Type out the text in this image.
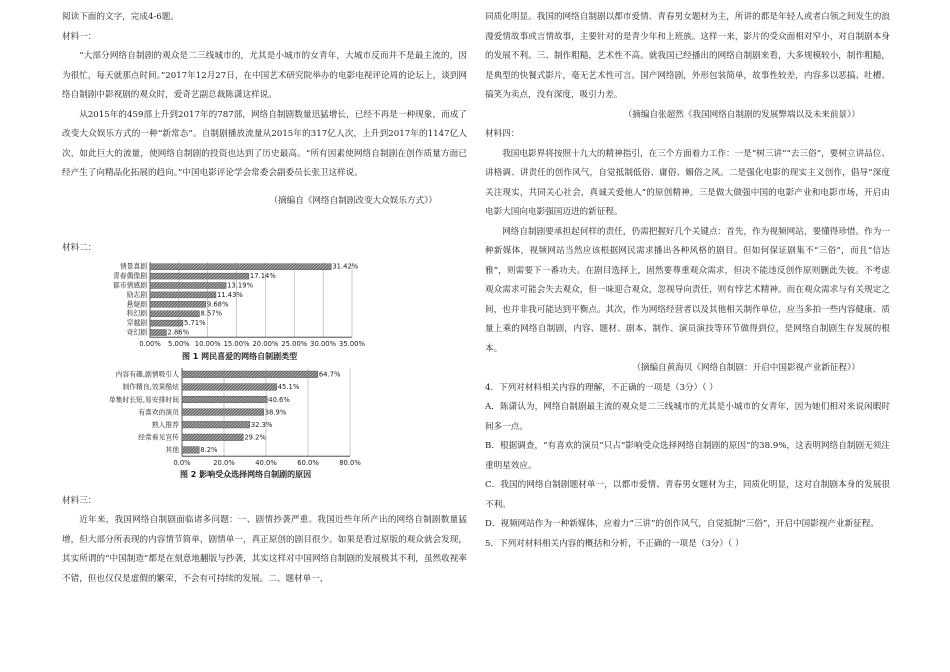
阅读下面的文字，完成4-6题。

材料一：

“大部分网络自制剧的观众是二三线城市的，尤其是小城市的女青年，大城市反而并不是最主流的，因为很忙，每天就那点时间。”2017年12月27日，在中国艺术研究院举办的电影电视评论周的论坛上，谈到网络自制剧中影视剧的观众时，爱奇艺副总裁陈潇这样说。

从2015年的459部上升到2017年的787部，网络自制剧数量迅猛增长，已经不再是一种现象，而成了改变大众娱乐方式的一种“新常态”。自制剧播放流量从2015年的317亿人次，上升到2017年的1147亿人次，如此巨大的流量，使网络自制剧的投资也达到了历史最高。“所有因素使网络自制剧在创作质量方面已经产生了向精品化拓展的趋向。”中国电影评论学会常委会副委员长张卫这样说。

（摘编自《网络自制剧改变大众娱乐方式》）

材料二：

0.00% 5.00% 10.00% 15.00% 20.00% 25.00% 30.00% 35.00%
情景喜剧	31.42%
青春偶像剧	17.14%
都市情感剧	13.19%
励志剧	11.43%
悬疑剧	9.68%
科幻剧	8.57%
穿越剧	5.71%
奇幻剧	2.86%
图 1 网民喜爱的网络自制剧类型
0.0%	20.0%	40.0%	60.0%	80.0%
内容有趣,剧情吸引人	64.7%
制作精良,效果酷炫	45.1%
单集时长短,易安排时间	40.6%
有喜欢的演员	38.9%
熟人推荐	32.3%
经常看见宣传	29.2%
其他	8.2%
图 2 影响受众选择网络自制剧的原因

材料三：

近年来，我国网络自制剧面临诸多问题：一、剧情抄袭严重。我国近些年所产出的网络自制剧数量猛增，但大部分所表现的内容情节简单，剧情单一，真正原创的剧目很少。如果是看过原版的观众就会发现，其实所谓的“中国制造”都是在刻意地翻版与抄袭，其实这样对中国网络自制剧的发展极其不利，虽然收视率不错，但也仅仅是虚假的繁荣，不会有可持续的发展。二、题材单一，

同质化明显。我国的网络自制剧以都市爱情、青春男女题材为主，所讲的都是年轻人或者白领之间发生的浪漫爱情故事或言情故事，主要针对的是青少年和上班族。这样一来，影片的受众面相对窄小，对自制剧本身的发展不利。三、制作粗糙，艺术性不高。就我国已经播出的网络自制剧来看，大多规模较小，制作粗糙，是典型的快餐式影片，毫无艺术性可言。国产网络剧，外形包装简单，故事性较差，内容多以恶搞、吐槽、搞笑为卖点，没有深度，吸引力差。

（摘编自张超然《我国网络自制剧的发展弊端以及未来前景》）

材料四：

我国电影界将按照十九大的精神指引，在三个方面着力工作：一是“树三讲”“去三俗”，要树立讲品位、讲格调、讲责任的创作风气，自觉抵制低俗、庸俗、媚俗之风。二是强化电影的现实主义创作，倡导“深度关注现实，共同关心社会，真诚关爱他人”的原创精神。三是做大做强中国的电影产业和电影市场，开启由电影大国向电影强国迈进的新征程。

网络自制剧要承担起何样的责任，仍需把握好几个关键点：首先，作为视频网站，要懂得珍惜。作为一种新媒体，视频网站当然应该根据网民需求播出各种风格的剧目。但如何保证剧集不“三俗”，而且“信达雅”，则需要下一番功夫。在剧目选择上，固然要尊重观众需求，但决不能违反创作原则删此失彼。不考虑观众需求可能会失去观众，但一味迎合观众，忽视导向责任，则有悖艺术精神。而在观众需求与有关规定之间，也并非我可能达到平衡点。其次，作为网络经营者以及其他相关制作单位，应当多拍一些内容健康、质量上乘的网络自制剧，内容、题材、剧本、制作、演员演技等环节做得到位，是网络自制剧生存发展的根本。

（摘编自黄海贝《网络自制剧：开启中国影视产业新征程》）

4．下列对材料相关内容的理解，不正确的一项是（3分）（ ）

A．陈潇认为，网络自制剧最主流的观众是二三线城市的尤其是小城市的女青年，因为她们相对来说闲暇时间多一点。

B．根据调查，“有喜欢的演员”只占“影响受众选择网络自制剧的原因”的38.9%，这表明网络自制剧无须注重明星效应。

C．我国的网络自制剧题材单一，以都市爱情、青春男女题材为主，同质化明显，这对自制剧本身的发展很不利。

D．视频网站作为一种新媒体，应着力“三讲”的创作风气，自觉抵制“三俗”，开启中国影视产业新征程。

5．下列对材料相关内容的概括和分析，不正确的一项是（3分）（ ）
